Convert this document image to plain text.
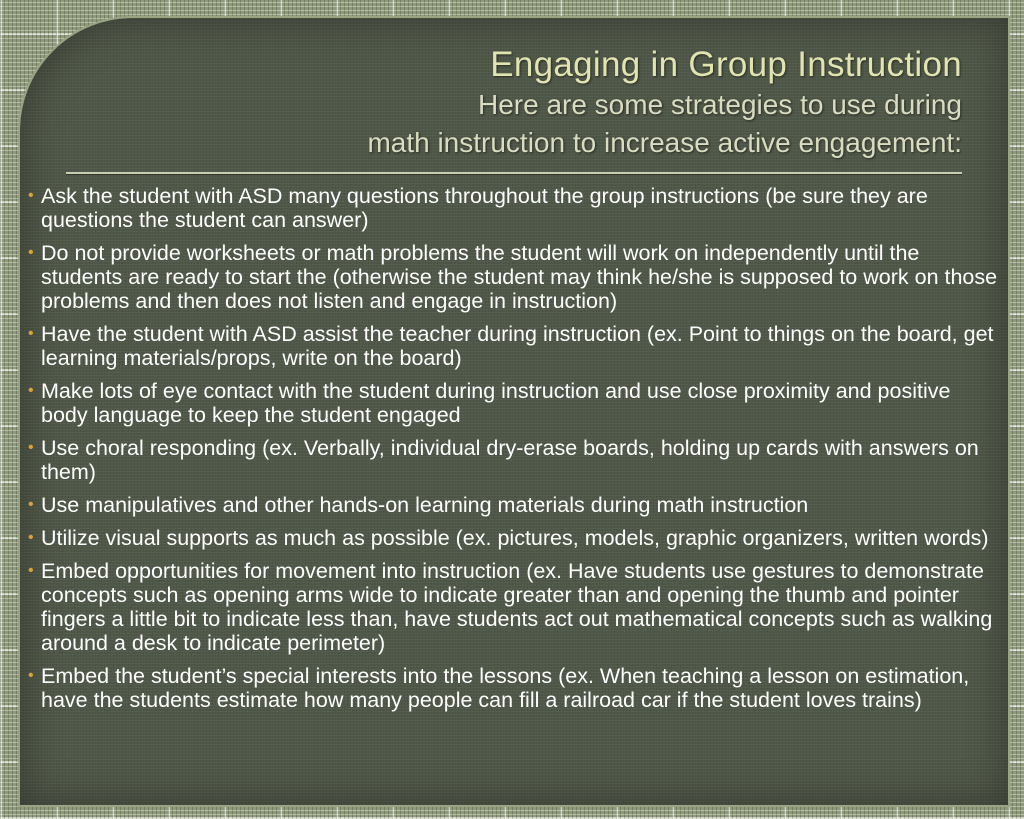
Engaging in Group Instruction
Here are some strategies to use during
math instruction to increase active engagement:
• Ask the student with ASD many questions throughout the group instructions (be sure they are questions the student can answer)
• Do not provide worksheets or math problems the student will work on independently until the students are ready to start the (otherwise the student may think he/she is supposed to work on those problems and then does not listen and engage in instruction)
• Have the student with ASD assist the teacher during instruction (ex. Point to things on the board, get learning materials/props, write on the board)
• Make lots of eye contact with the student during instruction and use close proximity and positive body language to keep the student engaged
• Use choral responding (ex. Verbally, individual dry-erase boards, holding up cards with answers on them)
• Use manipulatives and other hands-on learning materials during math instruction
• Utilize visual supports as much as possible (ex. pictures, models, graphic organizers, written words)
• Embed opportunities for movement into instruction (ex. Have students use gestures to demonstrate concepts such as opening arms wide to indicate greater than and opening the thumb and pointer fingers a little bit to indicate less than, have students act out mathematical concepts such as walking around a desk to indicate perimeter)
• Embed the student’s special interests into the lessons (ex. When teaching a lesson on estimation, have the students estimate how many people can fill a railroad car if the student loves trains)
